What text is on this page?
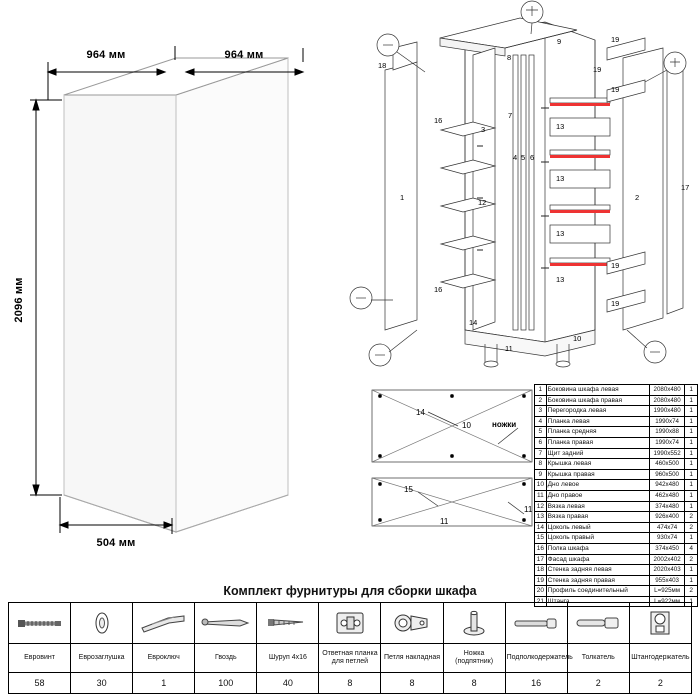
964 мм	964 мм
2096 мм
504 мм
18
16
16
1
3
12
14
8
9
7
4 5 6
13
13
13
13
10
11
2
17
19
19
19
19
19
14
10	ножки
15
11
11
1	Боковина шкафа левая	2080х480	1
2	Боковина шкафа правая	2080х480	1
3	Перегородка левая	1990х480	1
4	Планка левая	1990х74	1
5	Планка средняя	1990х88	1
6	Планка правая	1990х74	1
7	Щит задний	1990х552	1
8	Крышка левая	460х500	1
9	Крышка правая	960х500	1
10	Дно левое	942х480	1
11	Дно правое	462х480	1
12	Вязка левая	374х480	1
13	Вязка правая	926х400	2
14	Цоколь левый	474х74	2
15	Цоколь правый	930х74	1
16	Полка шкафа	374х450	4
17	Фасад шкафа	2002х402	2
18	Стенка задняя левая	2020х403	1
19	Стенка задняя правая	955х403	1
20	Профиль соединительный	L=925мм	2
21	Штанга	L=922мм	1
Комплект фурнитуры для сборки шкафа

Евровинт	Еврозаглушка	Евроключ	Гвоздь	Шуруп 4х16	Ответная планка для петлей	Петля накладная	Ножка (подпятник)	Подполкодержатель	Толкатель	Штангодержатель
58	30	1	100	40	8	8	8	16	2	2
